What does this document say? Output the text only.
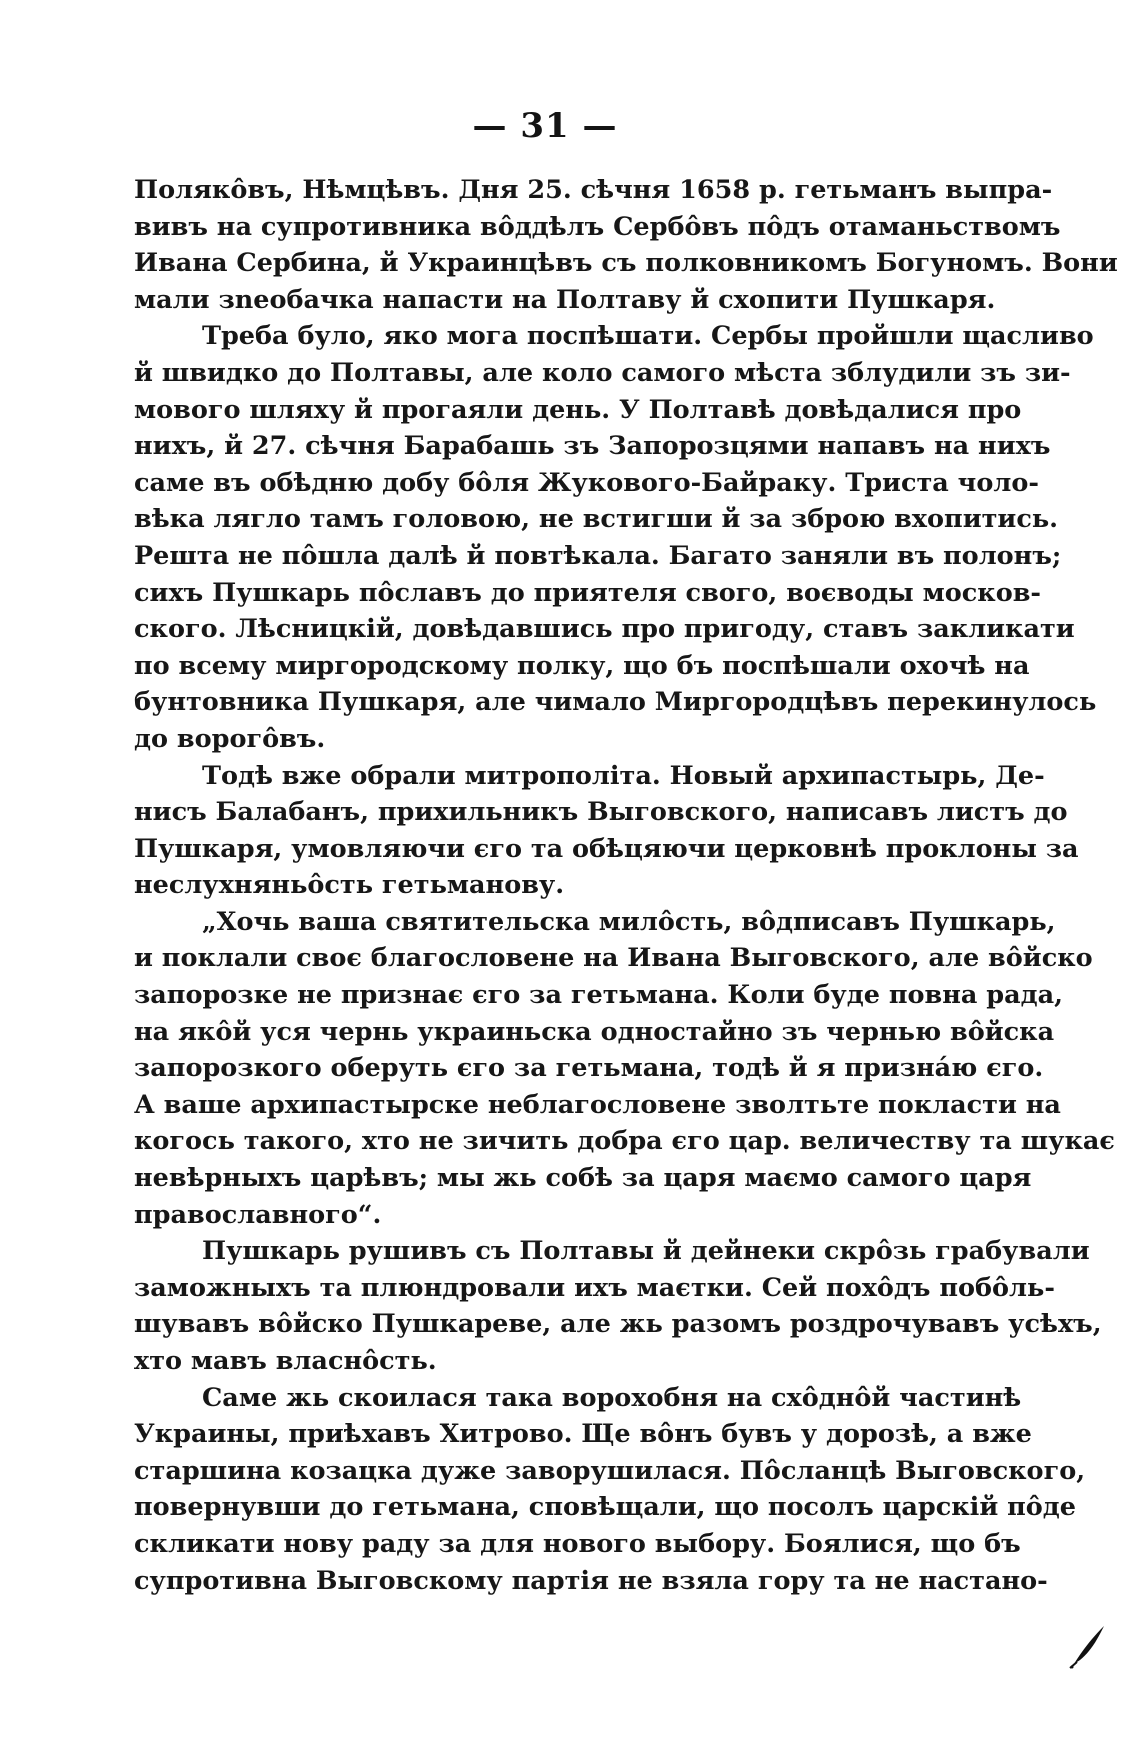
— 31 —
Полякôвъ, Нѣмцѣвъ. Дня 25. сѣчня 1658 р. гетьманъ выпра-
вивъ на супротивника вôддѣлъ Сербôвъ пôдъ отаманьствомъ
Ивана Сербина, й Украинцѣвъ съ полковникомъ Богуномъ. Вони
мали зneoбачка напасти на Полтаву й схопити Пушкаря.
Треба було, яко мога поспѣшати. Сербы пройшли щасливо
й швидко до Полтавы, але коло самого мѣста зблудили зъ зи-
мового шляху й прогаяли день. У Полтавѣ довѣдалися про
нихъ, й 27. сѣчня Барабашь зъ Запорозцями напавъ на нихъ
саме въ обѣдню добу бôля Жукового-Байраку. Триста чоло-
вѣка лягло тамъ головою, не встигши й за зброю вхопитись.
Решта не пôшла далѣ й повтѣкала. Багато заняли въ полонъ;
сихъ Пушкарь пôславъ до приятеля свого, воєводы москов-
ского. Лѣсницкій, довѣдавшись про пригоду, ставъ закликати
по всему миргородскому полку, що бъ поспѣшали охочѣ на
бунтовника Пушкаря, але чимало Миргородцѣвъ перекинулось
до ворогôвъ.
Тодѣ вже обрали митрополіта. Новый архипастырь, Де-
нисъ Балабанъ, прихильникъ Выговского, написавъ листъ до
Пушкаря, умовляючи єго та обѣцяючи церковнѣ проклоны за
неслухняньôсть гетьманову.
„Хочь ваша святительска милôсть, вôдписавъ Пушкарь,
и поклали своє благословене на Ивана Выговского, але вôйско
запорозке не признає єго за гетьмана. Коли буде повна рада,
на якôй уся чернь украиньска одностайно зъ чернью вôйска
запорозкого оберуть єго за гетьмана, тодѣ й я признáю єго.
А ваше архипастырске неблагословене зволтьте покласти на
когось такого, хто не зичить добра єго цар. величеству та шукає
невѣрныхъ царѣвъ; мы жь собѣ за царя маємо самого царя
православного“.
Пушкарь рушивъ съ Полтавы й дейнеки скрôзь грабували
заможныхъ та плюндровали ихъ маєтки. Сей похôдъ побôль-
шувавъ вôйско Пушкареве, але жь разомъ роздрочувавъ усѣхъ,
хто мавъ власнôсть.
Саме жь скоилася така ворохобня на схôднôй частинѣ
Украины, приѣхавъ Хитрово. Ще вôнъ бувъ у дорозѣ, а вже
старшина козацка дуже заворушилася. Пôсланцѣ Выговского,
повернувши до гетьмана, сповѣщали, що посолъ царскій пôде
скликати нову раду за для нового выбору. Боялися, що бъ
супротивна Выговскому партія не взяла гору та не настано-
